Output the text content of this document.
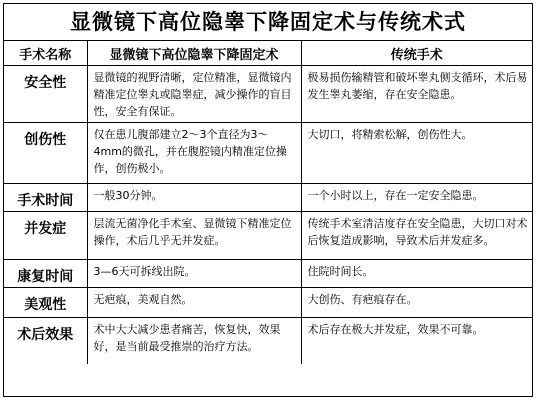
显微镜下高位隐睾下降固定术与传统术式
手术名称	显微镜下高位隐睾下降固定术	传统手术
安全性	显微镜的视野清晰，定位精准，显微镜内精准定位睾丸或隐睾症，减少操作的盲目性，安全有保证。	极易损伤输精管和破坏睾丸侧支循环，术后易发生睾丸萎缩，存在安全隐患。
创伤性	仅在患儿腹部建立2～3个直径为3～4mm的微孔，并在腹腔镜内精准定位操作，创伤极小。	大切口，将精索松解，创伤性大。
手术时间	一般30分钟。	一个小时以上，存在一定安全隐患。
并发症	层流无菌净化手术室、显微镜下精准定位操作，术后几乎无并发症。	传统手术室清洁度存在安全隐患，大切口对术后恢复造成影响，导致术后并发症多。
康复时间	3—6天可拆线出院。	住院时间长。
美观性	无疤痕，美观自然。	大创伤、有疤痕存在。
术后效果	术中大大减少患者痛苦，恢复快，效果好，是当前最受推崇的治疗方法。	术后存在极大并发症，效果不可靠。
